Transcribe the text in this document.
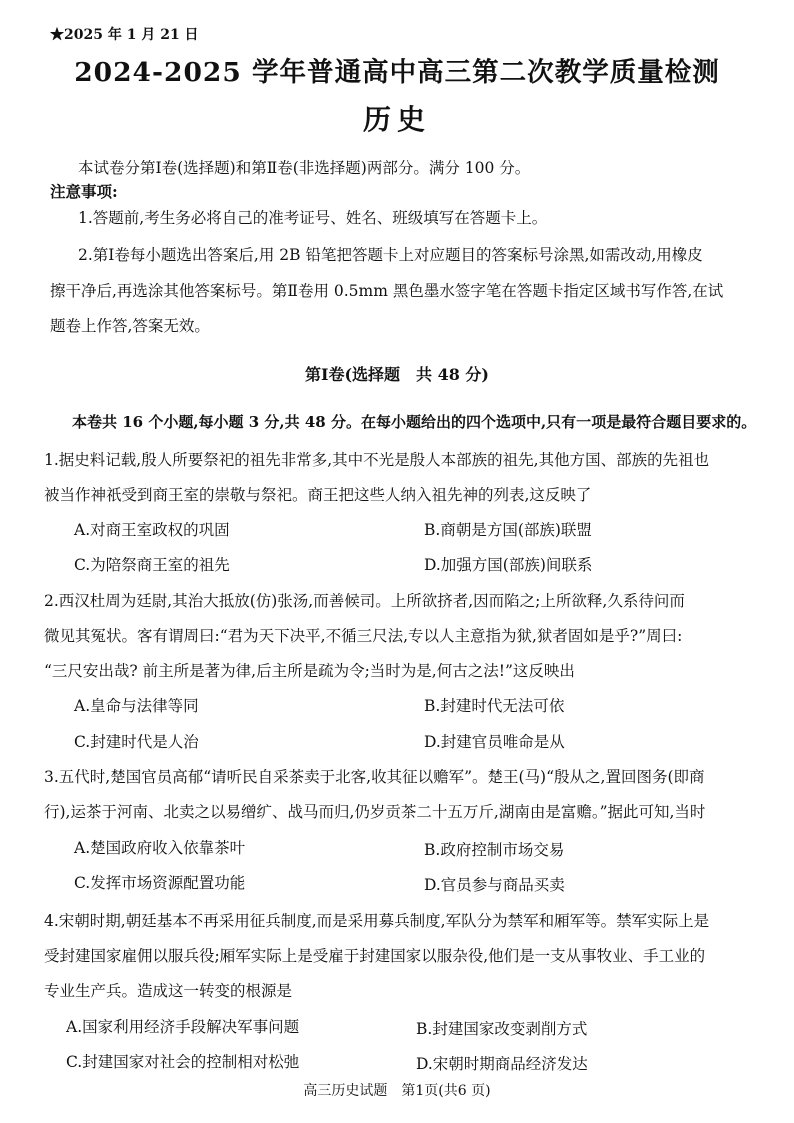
★2025 年 1 月 21 日
2024-2025 学年普通高中高三第二次教学质量检测
历史
本试卷分第Ⅰ卷(选择题)和第Ⅱ卷(非选择题)两部分。满分 100 分。
注意事项:
1.答题前,考生务必将自己的准考证号、姓名、班级填写在答题卡上。
2.第Ⅰ卷每小题选出答案后,用 2B 铅笔把答题卡上对应题目的答案标号涂黑,如需改动,用橡皮
擦干净后,再选涂其他答案标号。第Ⅱ卷用 0.5mm 黑色墨水签字笔在答题卡指定区域书写作答,在试
题卷上作答,答案无效。
第Ⅰ卷(选择题　共 48 分)
本卷共 16 个小题,每小题 3 分,共 48 分。在每小题给出的四个选项中,只有一项是最符合题目要求的。
1.据史料记载,殷人所要祭祀的祖先非常多,其中不光是殷人本部族的祖先,其他方国、部族的先祖也
被当作神祇受到商王室的崇敬与祭祀。商王把这些人纳入祖先神的列表,这反映了
A.对商王室政权的巩固	B.商朝是方国(部族)联盟
C.为陪祭商王室的祖先	D.加强方国(部族)间联系
2.西汉杜周为廷尉,其治大抵放(仿)张汤,而善候司。上所欲挤者,因而陷之;上所欲释,久系待问而
微见其冤状。客有谓周曰:“君为天下决平,不循三尺法,专以人主意指为狱,狱者固如是乎?”周曰:
“三尺安出哉? 前主所是著为律,后主所是疏为令;当时为是,何古之法!”这反映出
A.皇命与法律等同	B.封建时代无法可依
C.封建时代是人治	D.封建官员唯命是从
3.五代时,楚国官员高郁“请听民自采茶卖于北客,收其征以赡军”。楚王(马)“殷从之,置回图务(即商
行),运茶于河南、北卖之以易缯纩、战马而归,仍岁贡茶二十五万斤,湖南由是富赡。”据此可知,当时
A.楚国政府收入依靠茶叶	B.政府控制市场交易
C.发挥市场资源配置功能	D.官员参与商品买卖
4.宋朝时期,朝廷基本不再采用征兵制度,而是采用募兵制度,军队分为禁军和厢军等。禁军实际上是
受封建国家雇佣以服兵役;厢军实际上是受雇于封建国家以服杂役,他们是一支从事牧业、手工业的
专业生产兵。造成这一转变的根源是
A.国家利用经济手段解决军事问题	B.封建国家改变剥削方式
C.封建国家对社会的控制相对松弛	D.宋朝时期商品经济发达
高三历史试题　第1页(共6 页)
